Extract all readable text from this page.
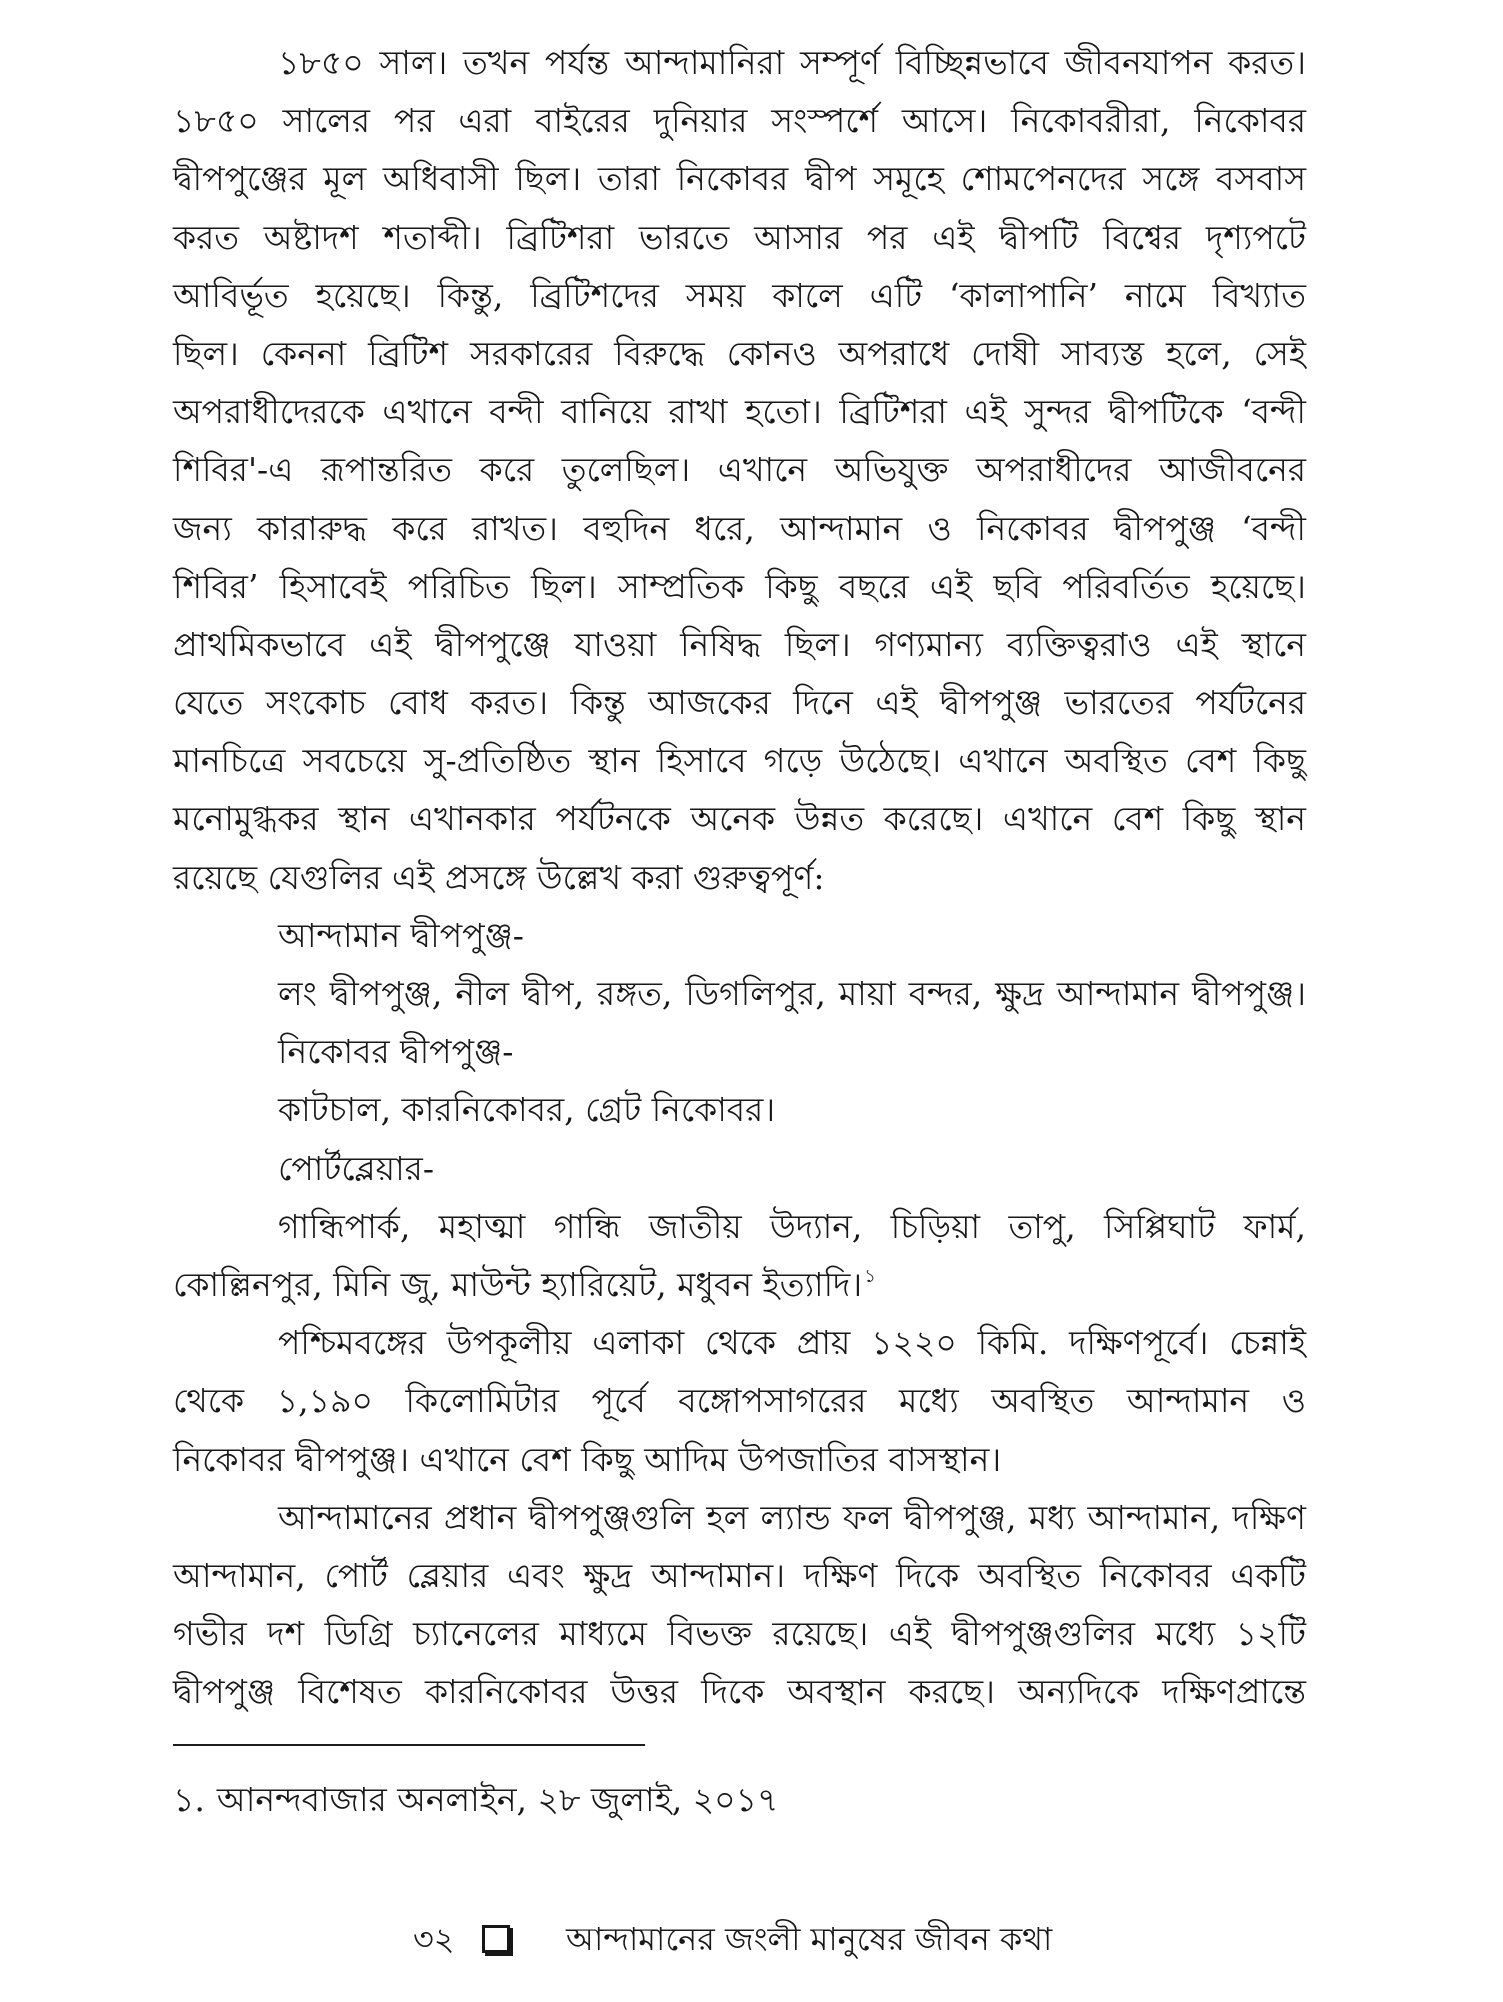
১৮৫০ সাল। তখন পর্যন্ত আন্দামানিরা সম্পূর্ণ বিচ্ছিন্নভাবে জীবনযাপন করত।
১৮৫০ সালের পর এরা বাইরের দুনিয়ার সংস্পর্শে আসে। নিকোবরীরা, নিকোবর
দ্বীপপুঞ্জের মূল অধিবাসী ছিল। তারা নিকোবর দ্বীপ সমূহে শোমপেনদের সঙ্গে বসবাস
করত অষ্টাদশ শতাব্দী। ব্রিটিশরা ভারতে আসার পর এই দ্বীপটি বিশ্বের দৃশ্যপটে
আবির্ভূত হয়েছে। কিন্তু, ব্রিটিশদের সময় কালে এটি ‘কালাপানি’ নামে বিখ্যাত
ছিল। কেননা ব্রিটিশ সরকারের বিরুদ্ধে কোনও অপরাধে দোষী সাব্যস্ত হলে, সেই
অপরাধীদেরকে এখানে বন্দী বানিয়ে রাখা হতো। ব্রিটিশরা এই সুন্দর দ্বীপটিকে ‘বন্দী
শিবির'-এ রূপান্তরিত করে তুলেছিল। এখানে অভিযুক্ত অপরাধীদের আজীবনের
জন্য কারারুদ্ধ করে রাখত। বহুদিন ধরে, আন্দামান ও নিকোবর দ্বীপপুঞ্জ ‘বন্দী
শিবির’ হিসাবেই পরিচিত ছিল। সাম্প্রতিক কিছু বছরে এই ছবি পরিবর্তিত হয়েছে।
প্রাথমিকভাবে এই দ্বীপপুঞ্জে যাওয়া নিষিদ্ধ ছিল। গণ্যমান্য ব্যক্তিত্বরাও এই স্থানে
যেতে সংকোচ বোধ করত। কিন্তু আজকের দিনে এই দ্বীপপুঞ্জ ভারতের পর্যটনের
মানচিত্রে সবচেয়ে সু-প্রতিষ্ঠিত স্থান হিসাবে গড়ে উঠেছে। এখানে অবস্থিত বেশ কিছু
মনোমুগ্ধকর স্থান এখানকার পর্যটনকে অনেক উন্নত করেছে। এখানে বেশ কিছু স্থান
রয়েছে যেগুলির এই প্রসঙ্গে উল্লেখ করা গুরুত্বপূর্ণ:
আন্দামান দ্বীপপুঞ্জ-
লং দ্বীপপুঞ্জ, নীল দ্বীপ, রঙ্গত, ডিগলিপুর, মায়া বন্দর, ক্ষুদ্র আন্দামান দ্বীপপুঞ্জ।
নিকোবর দ্বীপপুঞ্জ-
কাটচাল, কারনিকোবর, গ্রেট নিকোবর।
পোর্টব্লেয়ার-
গান্ধিপার্ক, মহাত্মা গান্ধি জাতীয় উদ্যান, চিড়িয়া তাপু, সিপ্পিঘাট ফার্ম,
কোল্লিনপুর, মিনি জু, মাউন্ট হ্যারিয়েট, মধুবন ইত্যাদি। $^১$
পশ্চিমবঙ্গের উপকূলীয় এলাকা থেকে প্রায় ১২২০ কিমি. দক্ষিণপূর্বে। চেন্নাই
থেকে ১,১৯০ কিলোমিটার পূর্বে বঙ্গোপসাগরের মধ্যে অবস্থিত আন্দামান ও
নিকোবর দ্বীপপুঞ্জ। এখানে বেশ কিছু আদিম উপজাতির বাসস্থান।
আন্দামানের প্রধান দ্বীপপুঞ্জগুলি হল ল্যান্ড ফল দ্বীপপুঞ্জ, মধ্য আন্দামান, দক্ষিণ
আন্দামান, পোর্ট ব্লেয়ার এবং ক্ষুদ্র আন্দামান। দক্ষিণ দিকে অবস্থিত নিকোবর একটি
গভীর দশ ডিগ্রি চ্যানেলের মাধ্যমে বিভক্ত রয়েছে। এই দ্বীপপুঞ্জগুলির মধ্যে ১২টি
দ্বীপপুঞ্জ বিশেষত কারনিকোবর উত্তর দিকে অবস্থান করছে। অন্যদিকে দক্ষিণপ্রান্তে
১. আনন্দবাজার অনলাইন, ২৮ জুলাই, ২০১৭
৩২	আন্দামানের জংলী মানুষের জীবন কথা
